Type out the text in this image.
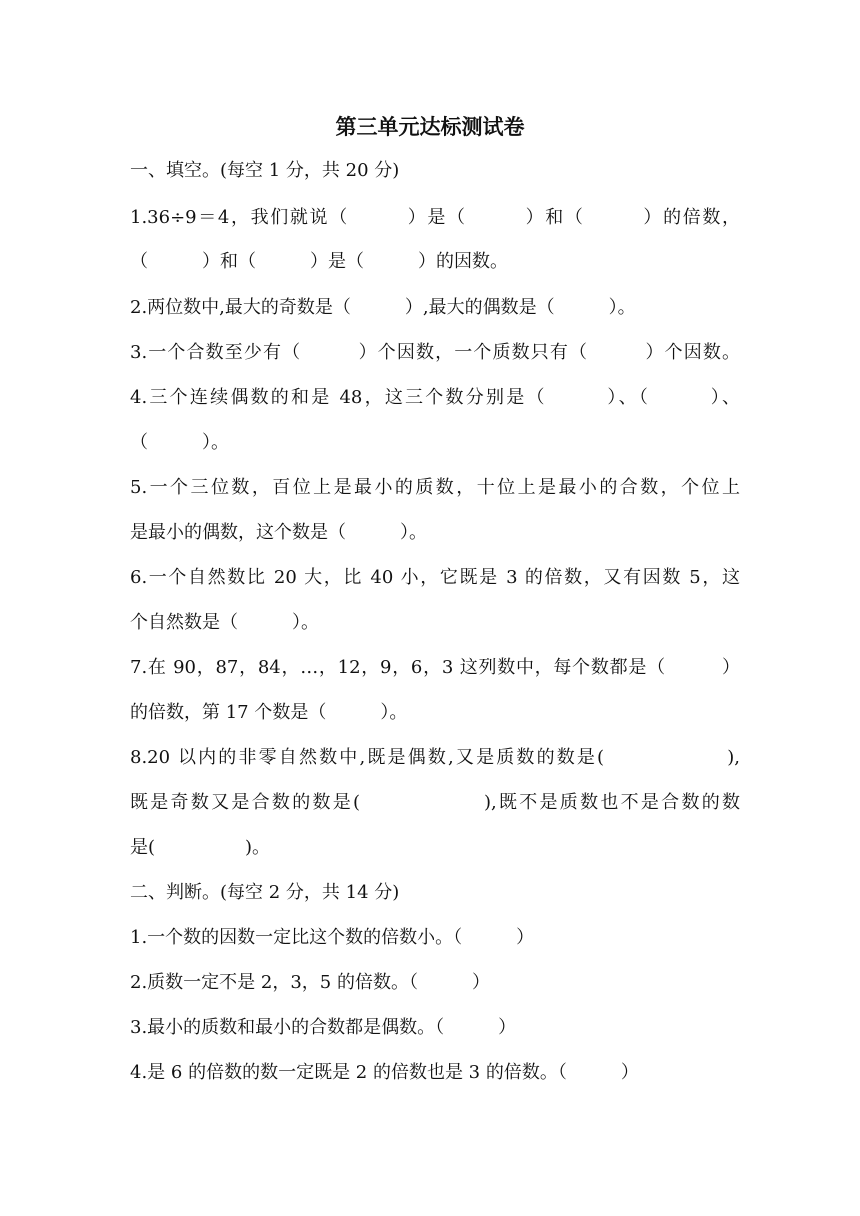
第三单元达标测试卷
一、填空。(每空 1 分，共 20 分)
1.36÷9＝4，我们就说（　　　）是（　　　）和（　　　）的倍数，
（　　　）和（　　　）是（　　　）的因数。
2.两位数中,最大的奇数是（　　　）,最大的偶数是（　　　）。
3.一个合数至少有（　　　）个因数，一个质数只有（　　　）个因数。
4.三个连续偶数的和是 48，这三个数分别是（　　　）、（　　　）、
（　　　）。
5.一个三位数，百位上是最小的质数，十位上是最小的合数，个位上
是最小的偶数，这个数是（　　　）。
6.一个自然数比 20 大，比 40 小，它既是 3 的倍数，又有因数 5，这
个自然数是（　　　）。
7.在 90，87，84，…，12，9，6，3 这列数中，每个数都是（　　　）
的倍数，第 17 个数是（　　　）。
8.20 以内的非零自然数中,既是偶数,又是质数的数是(　　　　　　),
既是奇数又是合数的数是(　　　　　　),既不是质数也不是合数的数
是(　　　　　)。
二、判断。(每空 2 分，共 14 分)
1.一个数的因数一定比这个数的倍数小。（　　　）
2.质数一定不是 2，3，5 的倍数。（　　　）
3.最小的质数和最小的合数都是偶数。（　　　）
4.是 6 的倍数的数一定既是 2 的倍数也是 3 的倍数。（　　　）
